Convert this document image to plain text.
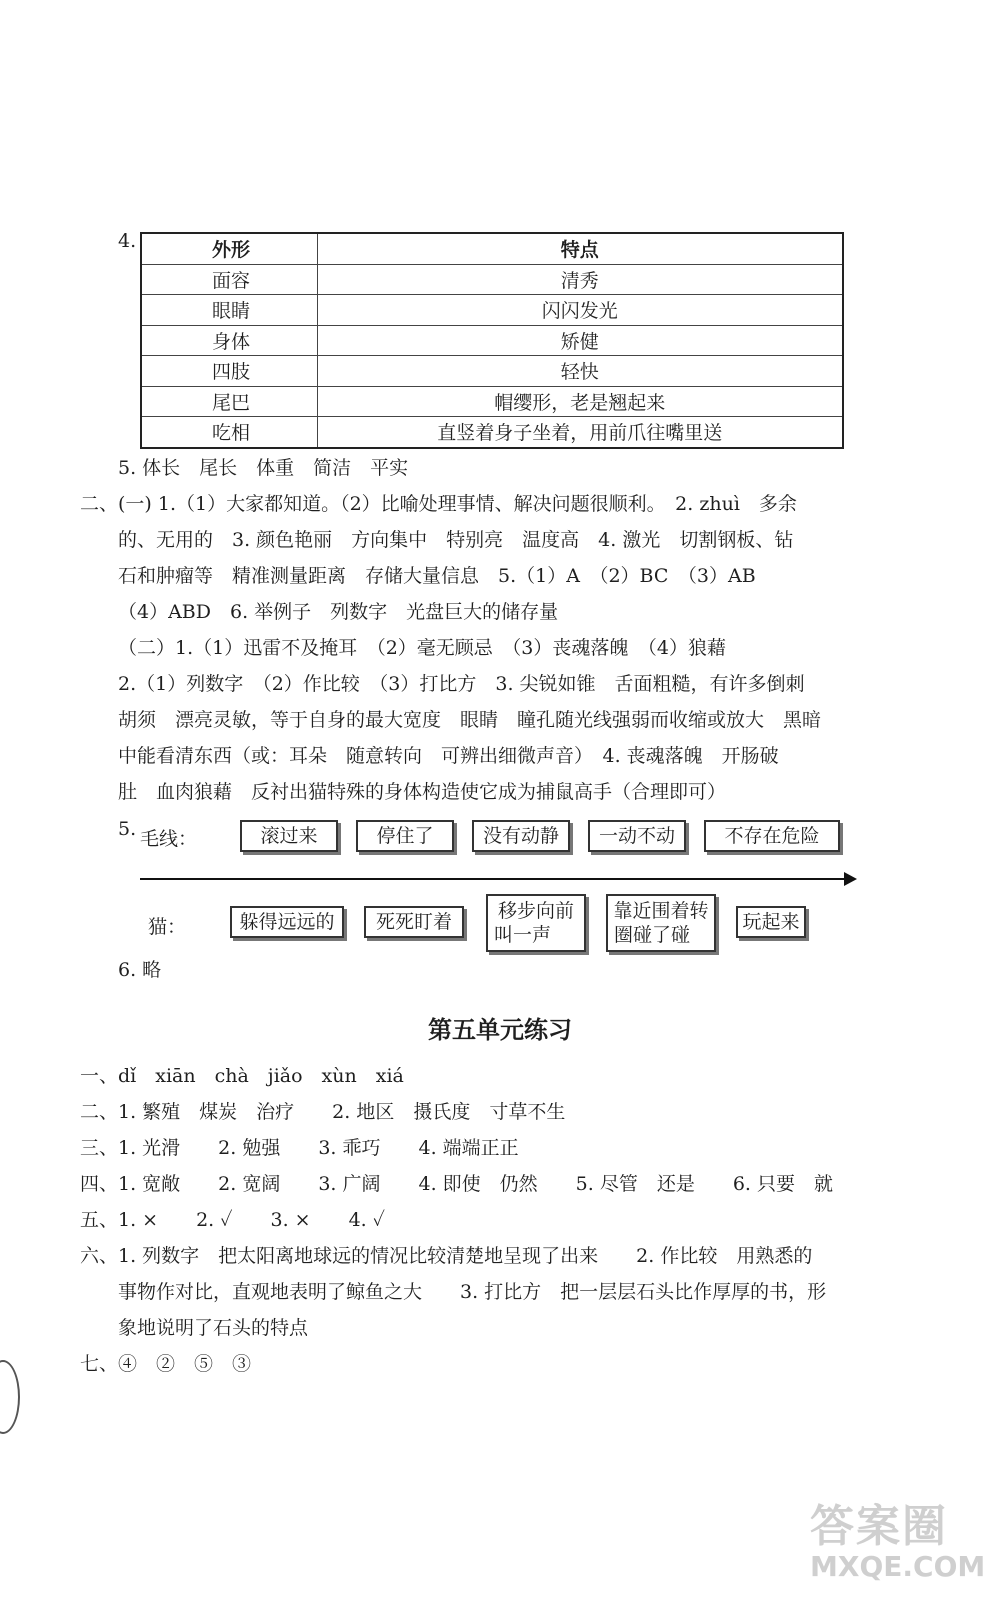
4.	外形	特点
面容	清秀
眼睛	闪闪发光
身体	矫健
四肢	轻快
尾巴	帽缨形，老是翘起来
吃相	直竖着身子坐着，用前爪往嘴里送
5. 体长　尾长　体重　简洁　平实
二、(一) 1.（1）大家都知道。（2）比喻处理事情、解决问题很顺利。　2. zhuì　多余
的、无用的　3. 颜色艳丽　方向集中　特别亮　温度高　4. 激光　切割钢板、钻
石和肿瘤等　精准测量距离　存储大量信息　5.（1）A　（2）BC　（3）AB
（4）ABD　6. 举例子　列数字　光盘巨大的储存量
（二）1.（1）迅雷不及掩耳　（2）毫无顾忌　（3）丧魂落魄　（4）狼藉
2.（1）列数字　（2）作比较　（3）打比方　3. 尖锐如锥　舌面粗糙，有许多倒刺
胡须　漂亮灵敏，等于自身的最大宽度　眼睛　瞳孔随光线强弱而收缩或放大　黑暗
中能看清东西（或：耳朵　随意转向　可辨出细微声音）　4. 丧魂落魄　开肠破
肚　血肉狼藉　反衬出猫特殊的身体构造使它成为捕鼠高手（合理即可）
5. 毛线：	滚过来	停住了	没有动静	一动不动	不存在危险
猫：	躲得远远的 死死盯着 移步向前
叫一声
靠近围着转
圈碰了碰
玩起来
6. 略
第五单元练习
一、dǐ　xiān　chà　jiǎo　xùn　xiá
二、1. 繁殖　煤炭　治疗　　2. 地区　摄氏度　寸草不生
三、1. 光滑　　2. 勉强　　3. 乖巧　　4. 端端正正
四、1. 宽敞　　2. 宽阔　　3. 广阔　　4. 即使　仍然　　5. 尽管　还是　　6. 只要　就
五、1. ×　　2. ✓　　3. ×　　4. ✓
六、1. 列数字　把太阳离地球远的情况比较清楚地呈现了出来　　2. 作比较　用熟悉的
事物作对比，直观地表明了鲸鱼之大　　3. 打比方　把一层层石头比作厚厚的书，形
象地说明了石头的特点
七、④　②　⑤　③
答案圈
MXQE.COM
